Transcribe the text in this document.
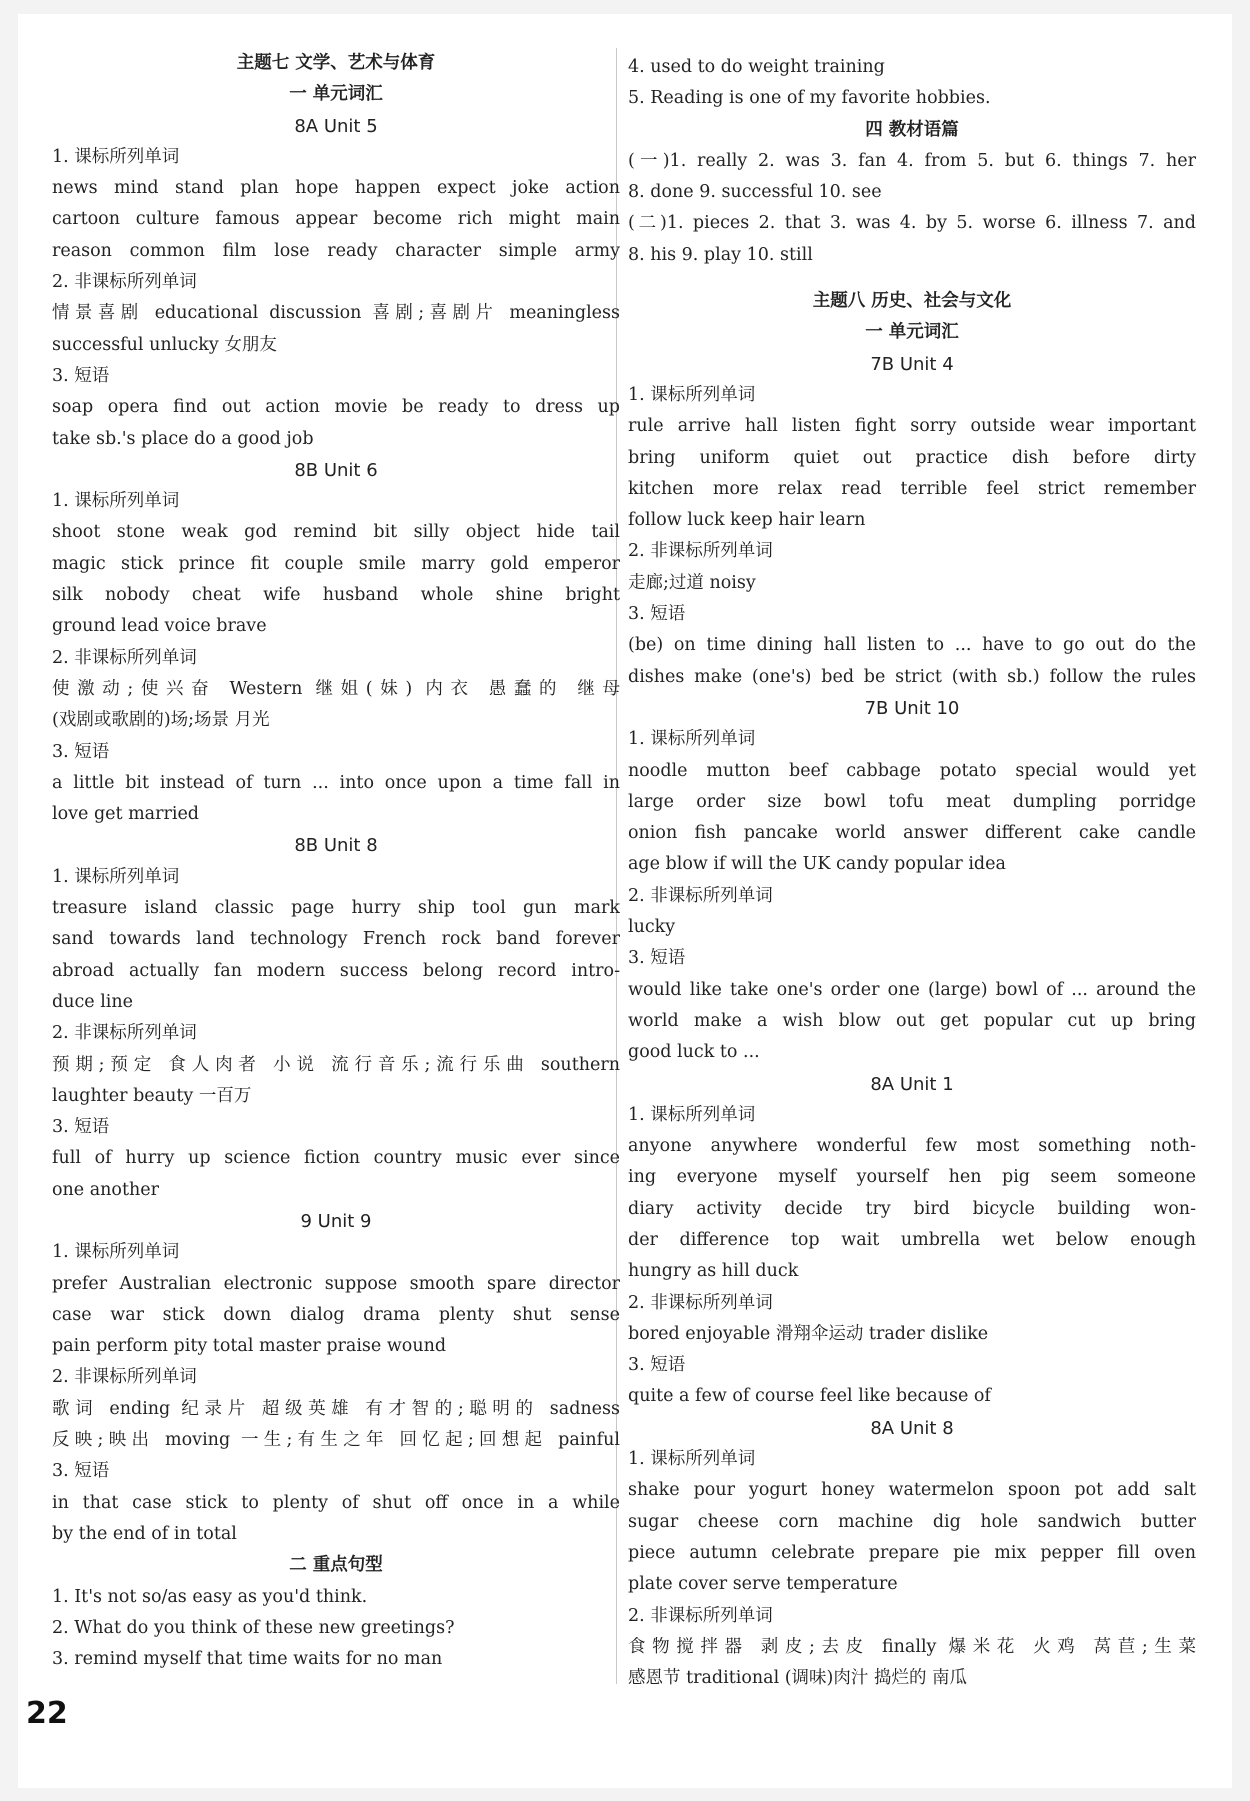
主题七 文学、艺术与体育
一 单元词汇
8A Unit 5
1. 课标所列单词
news mind stand plan hope happen expect joke action
cartoon culture famous appear become rich might main
reason common film lose ready character simple army
2. 非课标所列单词
情景喜剧 educational discussion 喜剧;喜剧片 meaningless
successful unlucky 女朋友
3. 短语
soap opera find out action movie be ready to dress up
take sb.'s place do a good job
8B Unit 6
1. 课标所列单词
shoot stone weak god remind bit silly object hide tail
magic stick prince fit couple smile marry gold emperor
silk nobody cheat wife husband whole shine bright
ground lead voice brave
2. 非课标所列单词
使激动;使兴奋 Western 继姐(妹) 内衣 愚蠢的 继母
(戏剧或歌剧的)场;场景 月光
3. 短语
a little bit instead of turn ... into once upon a time fall in
love get married
8B Unit 8
1. 课标所列单词
treasure island classic page hurry ship tool gun mark
sand towards land technology French rock band forever
abroad actually fan modern success belong record intro-
duce line
2. 非课标所列单词
预期;预定 食人肉者 小说 流行音乐;流行乐曲 southern
laughter beauty 一百万
3. 短语
full of hurry up science fiction country music ever since
one another
9 Unit 9
1. 课标所列单词
prefer Australian electronic suppose smooth spare director
case war stick down dialog drama plenty shut sense
pain perform pity total master praise wound
2. 非课标所列单词
歌词 ending 纪录片 超级英雄 有才智的;聪明的 sadness
反映;映出 moving 一生;有生之年 回忆起;回想起 painful
3. 短语
in that case stick to plenty of shut off once in a while
by the end of in total
二 重点句型
1. It's not so/as easy as you'd think.
2. What do you think of these new greetings?
3. remind myself that time waits for no man
4. used to do weight training
5. Reading is one of my favorite hobbies.
四 教材语篇
(一)1. really 2. was 3. fan 4. from 5. but 6. things 7. her
8. done 9. successful 10. see
(二)1. pieces 2. that 3. was 4. by 5. worse 6. illness 7. and
8. his 9. play 10. still
主题八 历史、社会与文化
一 单元词汇
7B Unit 4
1. 课标所列单词
rule arrive hall listen fight sorry outside wear important
bring uniform quiet out practice dish before dirty
kitchen more relax read terrible feel strict remember
follow luck keep hair learn
2. 非课标所列单词
走廊;过道 noisy
3. 短语
(be) on time dining hall listen to ... have to go out do the
dishes make (one's) bed be strict (with sb.) follow the rules
7B Unit 10
1. 课标所列单词
noodle mutton beef cabbage potato special would yet
large order size bowl tofu meat dumpling porridge
onion fish pancake world answer different cake candle
age blow if will the UK candy popular idea
2. 非课标所列单词
lucky
3. 短语
would like take one's order one (large) bowl of ... around the
world make a wish blow out get popular cut up bring
good luck to ...
8A Unit 1
1. 课标所列单词
anyone anywhere wonderful few most something noth-
ing everyone myself yourself hen pig seem someone
diary activity decide try bird bicycle building won-
der difference top wait umbrella wet below enough
hungry as hill duck
2. 非课标所列单词
bored enjoyable 滑翔伞运动 trader dislike
3. 短语
quite a few of course feel like because of
8A Unit 8
1. 课标所列单词
shake pour yogurt honey watermelon spoon pot add salt
sugar cheese corn machine dig hole sandwich butter
piece autumn celebrate prepare pie mix pepper fill oven
plate cover serve temperature
2. 非课标所列单词
食物搅拌器 剥皮;去皮 finally 爆米花 火鸡 莴苣;生菜
感恩节 traditional (调味)肉汁 捣烂的 南瓜
22
